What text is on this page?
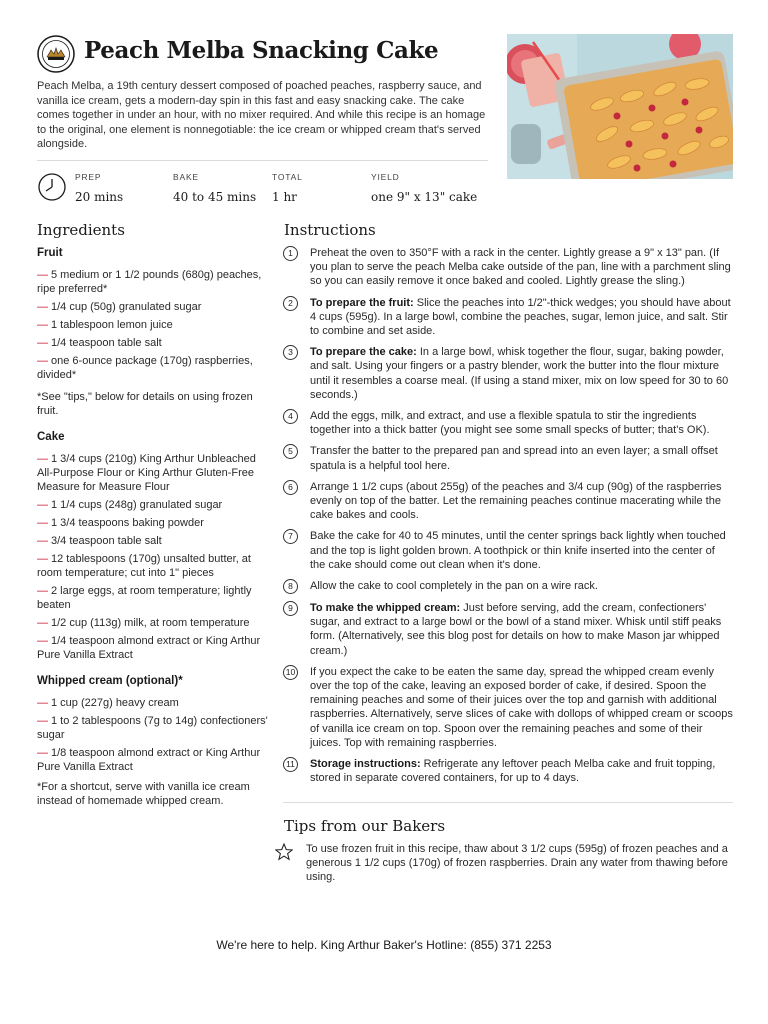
Peach Melba Snacking Cake

Peach Melba, a 19th century dessert composed of poached peaches, raspberry sauce, and vanilla ice cream, gets a modern-day spin in this fast and easy snacking cake. The cake comes together in under an hour, with no mixer required. And while this recipe is an homage to the original, one element is nonnegotiable: the ice cream or whipped cream that's served alongside.

PREP
20 mins
BAKE
40 to 45 mins
TOTAL
1 hr
YIELD
one 9" x 13" cake
Ingredients
Fruit
— 5 medium or 1 1/2 pounds (680g) peaches, ripe preferred*
— 1/4 cup (50g) granulated sugar
— 1 tablespoon lemon juice
— 1/4 teaspoon table salt
— one 6-ounce package (170g) raspberries, divided*

*See "tips," below for details on using frozen fruit.

Cake
— 1 3/4 cups (210g) King Arthur Unbleached All-Purpose Flour or King Arthur Gluten-Free Measure for Measure Flour
— 1 1/4 cups (248g) granulated sugar
— 1 3/4 teaspoons baking powder
— 3/4 teaspoon table salt
— 12 tablespoons (170g) unsalted butter, at room temperature; cut into 1" pieces
— 2 large eggs, at room temperature; lightly beaten
— 1/2 cup (113g) milk, at room temperature
— 1/4 teaspoon almond extract or King Arthur Pure Vanilla Extract
Whipped cream (optional)*
— 1 cup (227g) heavy cream
— 1 to 2 tablespoons (7g to 14g) confectioners' sugar
— 1/8 teaspoon almond extract or King Arthur Pure Vanilla Extract

*For a shortcut, serve with vanilla ice cream instead of homemade whipped cream.

Instructions
1	Preheat the oven to 350°F with a rack in the center. Lightly grease a 9" x 13" pan. (If you plan to serve the peach Melba cake outside of the pan, line with a parchment sling so you can easily remove it once baked and cooled. Lightly grease the sling.)
2	To prepare the fruit: Slice the peaches into 1/2"-thick wedges; you should have about 4 cups (595g). In a large bowl, combine the peaches, sugar, lemon juice, and salt. Stir to combine and set aside.
3	To prepare the cake: In a large bowl, whisk together the flour, sugar, baking powder, and salt. Using your fingers or a pastry blender, work the butter into the flour mixture until it resembles a coarse meal. (If using a stand mixer, mix on low speed for 30 to 60 seconds.)
4	Add the eggs, milk, and extract, and use a flexible spatula to stir the ingredients together into a thick batter (you might see some small specks of butter; that's OK).
5	Transfer the batter to the prepared pan and spread into an even layer; a small offset spatula is a helpful tool here.
6	Arrange 1 1/2 cups (about 255g) of the peaches and 3/4 cup (90g) of the raspberries evenly on top of the batter. Let the remaining peaches continue macerating while the cake bakes and cools.
7	Bake the cake for 40 to 45 minutes, until the center springs back lightly when touched and the top is light golden brown. A toothpick or thin knife inserted into the center of the cake should come out clean when it's done.
8	Allow the cake to cool completely in the pan on a wire rack.
9	To make the whipped cream: Just before serving, add the cream, confectioners' sugar, and extract to a large bowl or the bowl of a stand mixer. Whisk until stiff peaks form. (Alternatively, see this blog post for details on how to make Mason jar whipped cream.)
10 If you expect the cake to be eaten the same day, spread the whipped cream evenly over the top of the cake, leaving an exposed border of cake, if desired. Spoon the remaining peaches and some of their juices over the top and garnish with additional raspberries. Alternatively, serve slices of cake with dollops of whipped cream or scoops of vanilla ice cream on top. Spoon over the remaining peaches and some of their juices. Top with remaining raspberries.
11 Storage instructions: Refrigerate any leftover peach Melba cake and fruit topping, stored in separate covered containers, for up to 4 days.
Tips from our Bakers

To use frozen fruit in this recipe, thaw about 3 1/2 cups (595g) of frozen peaches and a generous 1 1/2 cups (170g) of frozen raspberries. Drain any water from thawing before using.

We're here to help. King Arthur Baker's Hotline: (855) 371 2253
